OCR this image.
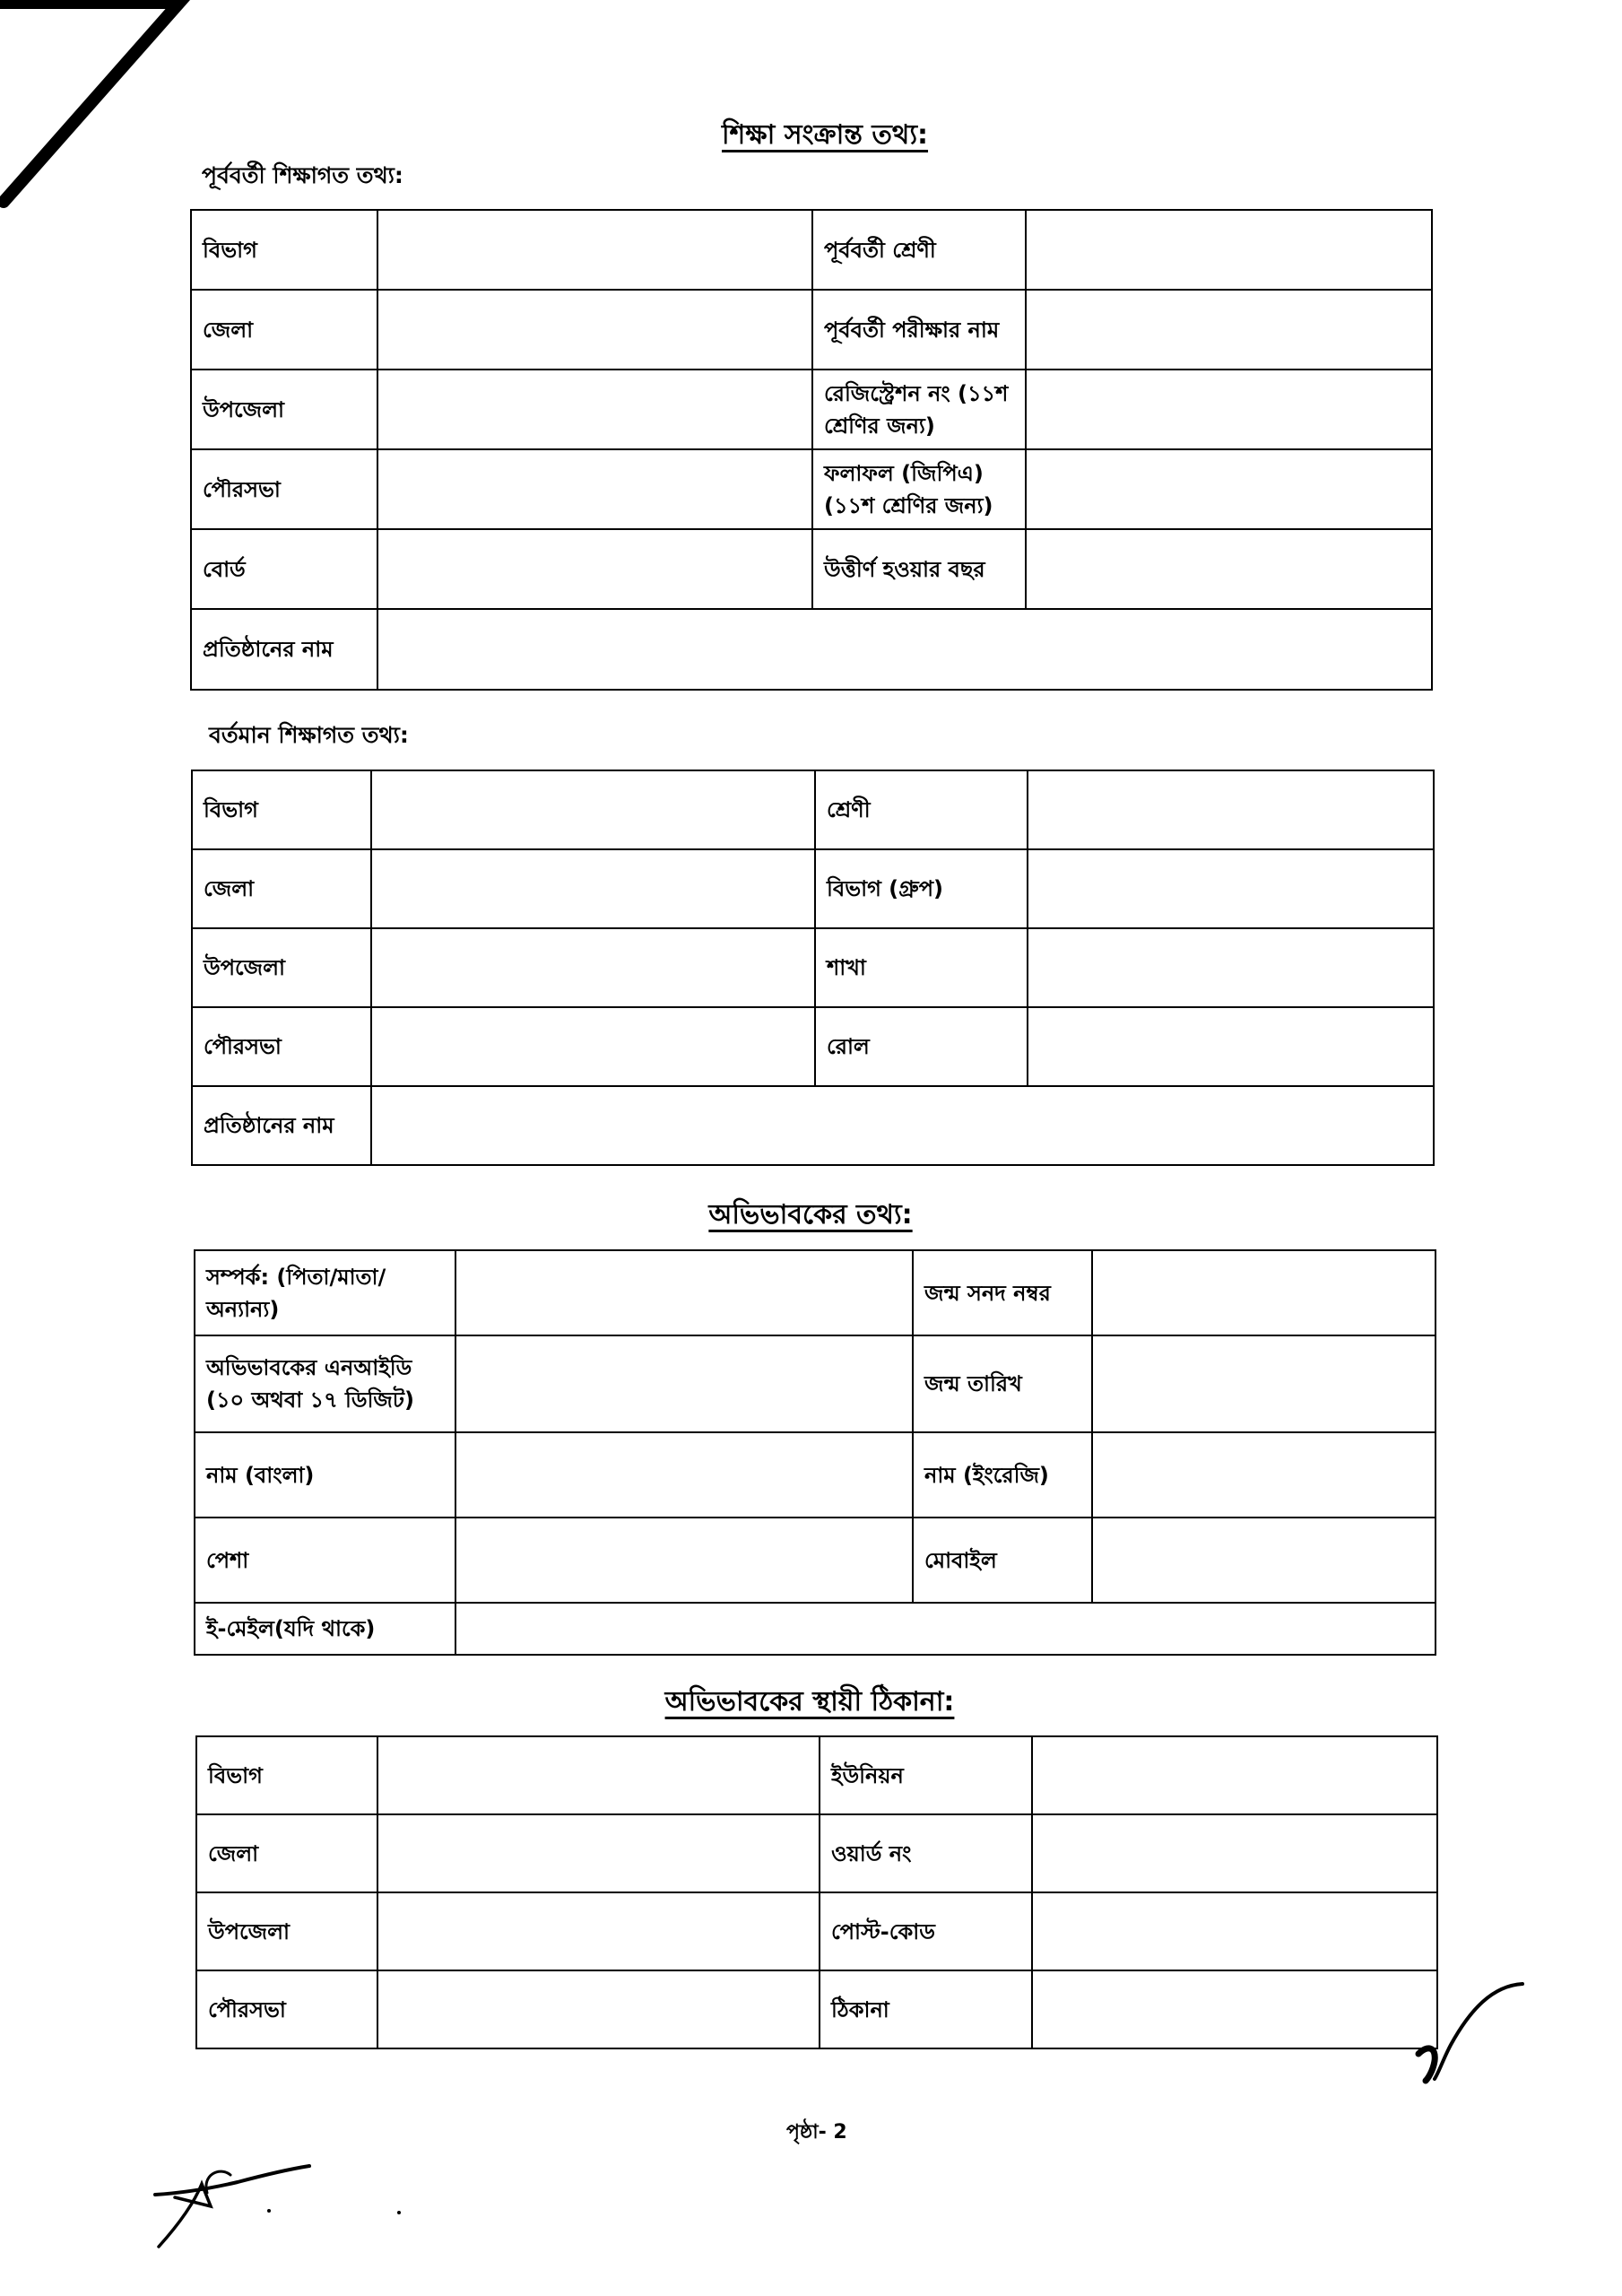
শিক্ষা সংক্রান্ত তথ্য:
পূর্ববর্তী শিক্ষাগত তথ্য:
বিভাগ		পূর্ববর্তী শ্রেণী	
জেলা		পূর্ববর্তী পরীক্ষার নাম	
উপজেলা		রেজিস্ট্রেশন নং (১১শ শ্রেণির জন্য)	
পৌরসভা		ফলাফল (জিপিএ) (১১শ শ্রেণির জন্য)	
বোর্ড		উত্তীর্ণ হওয়ার বছর	
প্রতিষ্ঠানের নাম			
বর্তমান শিক্ষাগত তথ্য:
বিভাগ		শ্রেণী	
জেলা		বিভাগ (গ্রুপ)	
উপজেলা		শাখা	
পৌরসভা		রোল	
প্রতিষ্ঠানের নাম			
অভিভাবকের তথ্য:
সম্পর্ক: (পিতা/মাতা/অন্যান্য)		জন্ম সনদ নম্বর	
অভিভাবকের এনআইডি (১০ অথবা ১৭ ডিজিট)		জন্ম তারিখ	
নাম (বাংলা)		নাম (ইংরেজি)	
পেশা		মোবাইল	
ই-মেইল(যদি থাকে)			
অভিভাবকের স্থায়ী ঠিকানা:
বিভাগ		ইউনিয়ন	
জেলা		ওয়ার্ড নং	
উপজেলা		পোস্ট-কোড	
পৌরসভা		ঠিকানা	
পৃষ্ঠা- 2
